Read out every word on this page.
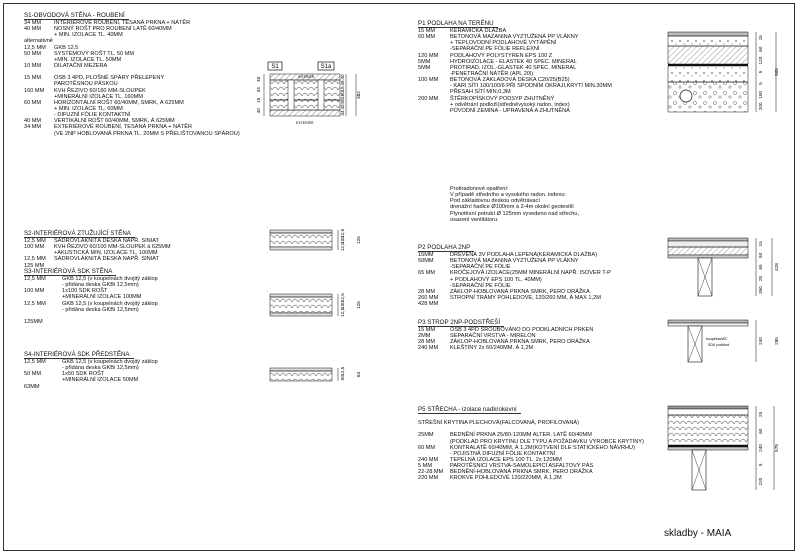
S1-OBVODOVÁ STĚNA - ROUBENÍ
34 MM INTERIÉROVÉ ROUBENÍ, TESANÁ PRKNA + NÁTĚR
40 MM NOSNÝ ROŠT PRO ROUBENÍ LATĚ 60/40MM
+ MIN. IZOLACE TL. 40MM
alternativně
12,5 MM GKB 12,5
50 MM SYSTÉMOVÝ ROŠT TL. 50 MM
+MIN. IZOLACE TL. 50MM
10 MM DILATAČNÍ MEZERA
15 MM OSB 3 4PD, PLOŠNÉ SPÁRY PŘELEPENY
PAROTĚSNOU PÁSKOU
160 MM KVH ŘEZIVO 60/160 MM-SLOUPEK
+MINERÁLNÍ IZOLACE TL. 160MM
60 MM HORIZONTÁLNÍ ROŠT 60/40MM, SMRK, Á 625MM
+ MIN. IZOLACE TL. 60MM
- DIFUZNÍ FÓLIE KONTAKTNÍ
40 MM VERTIKÁLNÍ ROŠT 60/40MM, SMRK, Á 625MM
34 MM EXTERIÉROVÉ ROUBENÍ, TESANÁ PRKNA + NÁTĚR
(VE 2NP HOBLOVANÁ PRKNA TL. 20MM S PŘELIŠTOVANOU SPÁROU)
S2-INTERIÉROVÁ ZTUŽUJÍCÍ STĚNA
12,5 MM SÁDROVLÁKNITÁ DESKA NAPŘ. SINIAT
100 MM KVH ŘEZIVO 60/100 MM-SLOUPEK á 625MM
+AKUSTICKÁ MIN. IZOLACE TL. 100MM
12,5 MM SÁDROVLÁKNITÁ DESKA NAPŘ. SINIAT
125 MM
S3-INTERIÉROVÁ SDK STĚNA
12,5 MM	GKB 12,5 (v koupelnách dvojitý záklop
- přidána deska GKBi 12,5mm)
100 MM	1x100 SDK ROŠT
+MINERÁLNÍ IZOLACE 100MM
12,5 MM	GKB 12,5 (v koupelnách dvojitý záklop
- přidána deska GKBi 12,5mm)
125MM
S4-INTERIÉROVÁ SDK PŘEDSTĚNA
12,5 MM	GKB 12,5 (v koupelnách dvojitý záklop
- přidána deska GKBi 12,5mm)
50 MM	1x50 SDK ROŠT
+MINERÁLNÍ IZOLACE 50MM
63MM
P1 PODLAHA NA TERÉNU
15 MM	KERAMICKÁ DLAŽBA
60 MM	BETONOVÁ MAZANINA VYZTUŽENÁ PP VLÁKNY
+ TEPLOVODNÍ PODLAHOVÉ VYTÁPĚNÍ
-SEPARAČNÍ PE FÓLIE REFLEXNÍ
120 MM PODLAHOVÝ POLYSTYREN EPS 100 Z
5MM	HYDROIZOLACE - ELASTEK 40 SPEC. MINERAL
5MM	PROTIRAD. IZOL.-GLASTEK 40 SPEC. MINERAL
-PENETRAČNÍ NÁTĚR (APL 20l)
100 MM BETONOVÁ ZÁKLADOVÁ DESKA C20/25(B25)
- KARI SÍTI 100/100/6 PŘI SPODNÍM OKRAJI,KRYTÍ MIN.30MM
PŘESAH SÍTÍ MIN.0,3M
200 MM ŠTĚRKOPÍSKOVÝ PODSYP ZHUTNĚNÝ
+ odvětrání podloží(středněvysoký radon, index)
PŮVODNÍ ZEMINA - UPRAVENÁ A ZHUTNĚNÁ
P2 PODLAHA 2NP
15MM	DŘEVĚNÁ 3V PODLAHA LEPENÁ(KERAMICKÁ DLAŽBA)
50MM	BETONOVÁ MAZANINA VYZTUŽENÁ PP VLÁKNY
-SEPARAČNÍ PE FÓLIE
65 MM	KROČEJOVÁ IZOLACE(25MM MINERÁLNÍ NAPŘ. ISOVER T-P
+ PODLAHOVÝ EPS 100 TL. 40MM)
-SEPARAČNÍ PE FÓLIE
28 MM	ZÁKLOP-HOBLOVANÁ PRKNA SMRK, PERO DRÁŽKA
260 MM STROPNÍ TRÁMY POHLEDOVÉ, 120/260 MM, Á MAX 1,2M
428 MM
P3 STROP 2NP-PODSTŘEŠÍ
15 MM	OSB 3 4PD ŠROUBOVÁNO DO PODKLADNÍCH PRKEN
2MM	SEPARAČNÍ VRSTVA - MIRELON
28 MM	ZÁKLOP-HOBLOVANÁ PRKNA SMRK, PERO DRÁŽKA
240 MM KLEŠTINY 2x 60/240MM, Á 1,2M
P5 STŘECHA - izolace nadkrokevní
STŘEŠNÍ KRYTINA PLECHOVÁ(FALCOVANÁ, PROFILOVANÁ)
25MM	BEDNĚNÍ PRKNA 25/80-120MM ALTER. LATĚ 60/40MM
(PODKLAD PRO KRYTINU DLE TYPU A POŽADAVKU VÝROBCE KRYTINY)
60 MM	KONTRALATĚ 60/40MM, Á 1,2M(KOTVENÍ DLE STATICKÉHO NÁVRHU)
- POJISTNÁ DIFUZNÍ FÓLIE KONTAKTNÍ
240 MM TEPELNÁ IZOLACE EPS 100 TL. 2x 120MM
5 MM	PAROTĚSNICÍ VRSTVA-SAMOLEPÍCÍ ASFALTOVÝ PÁS
22-28 MM BEDNĚNÍ-HOBLOVANÁ PRKNA SMRK, PERO DRÁŽKA
220 MM KROKVE POHLEDOVÉ 120/220MM, Á 1,2M
Protiradonové opatření:
V případě středního a vysokého radon. indexu:
Pod základovou deskou odvětrávací
drenážní hadice Ø100mm à 2-4m okolní geotextilí
Plynotěsní potrubí Ø 125mm vyvedeno nad střechu,
osazení ventilátoru.
S1	S1a
INTERIÉR
EXTERIÉR
40
34
15
40
40
45
15
160
60
40
34
382
12,5
100
12,5
125
12,5
100
12,5
125
12,5
50
63
15
60
120
5
5
100
200
505
15
50
65
28
260
428
koupelna/WC
SDK podhled
240 285
25
60
240
5
220
578
skladby - MAIA
